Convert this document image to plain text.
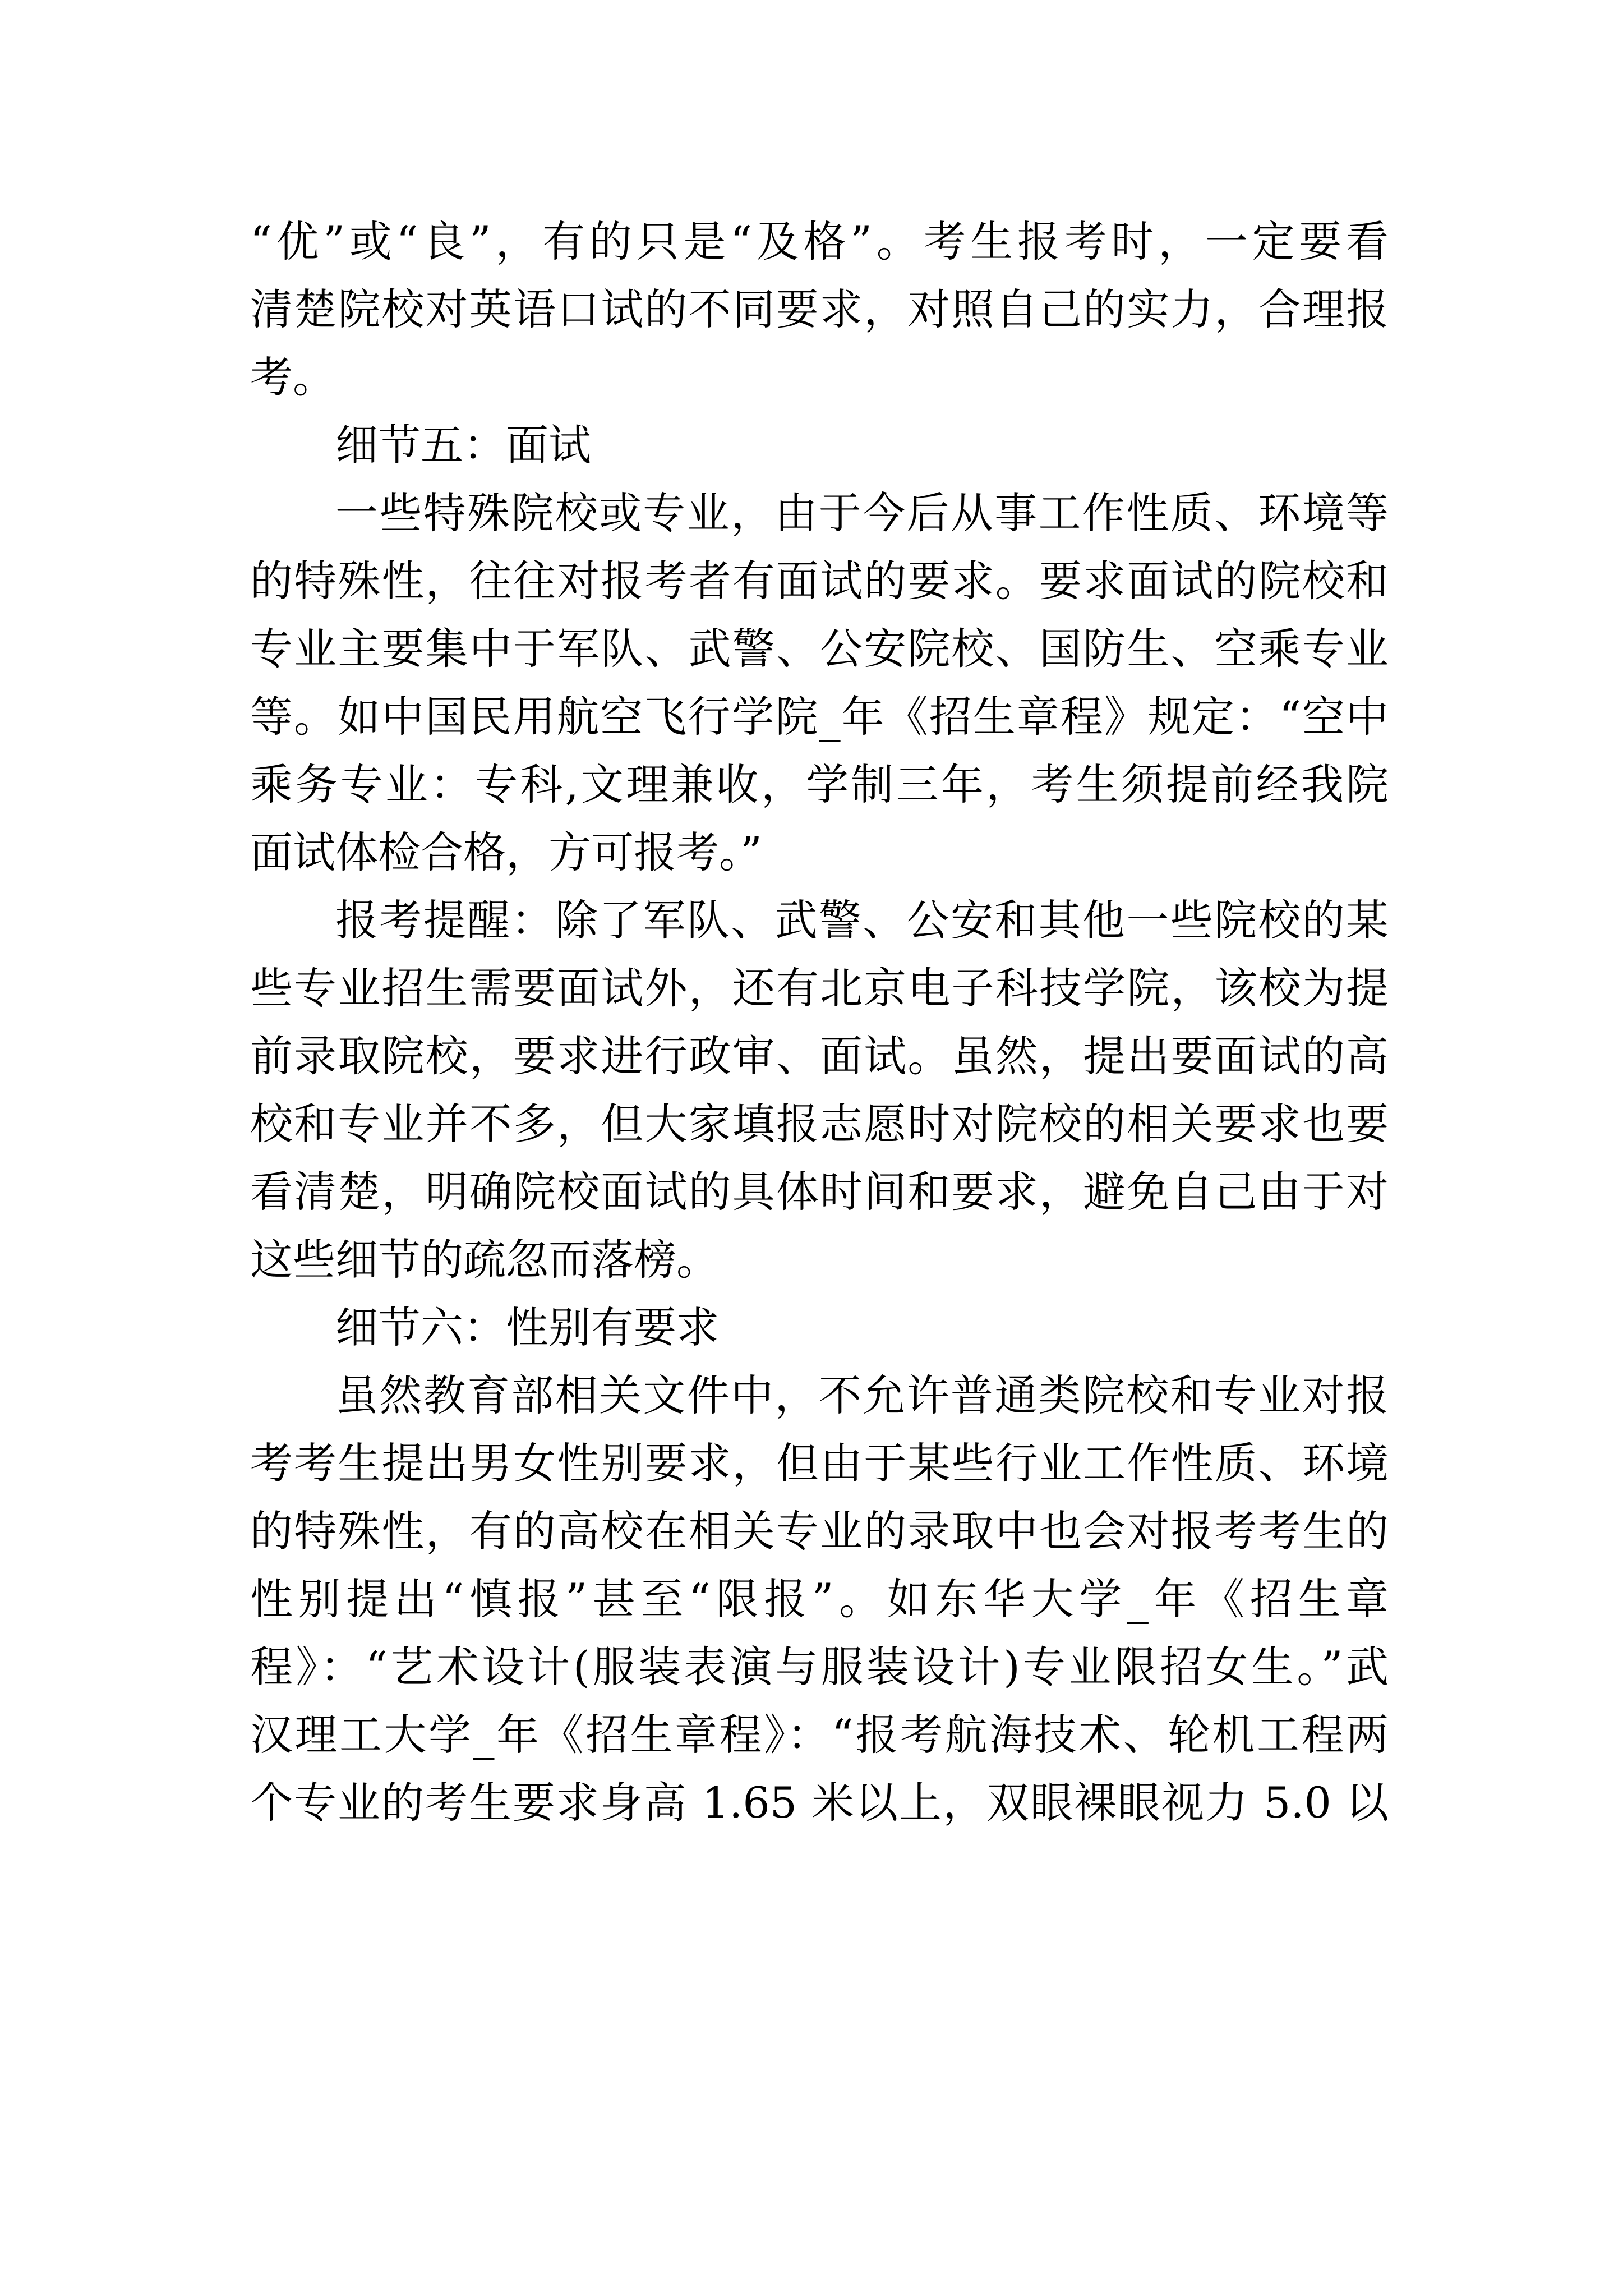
“优”或“良”，有的只是“及格”。考生报考时，一定要看
清楚院校对英语口试的不同要求，对照自己的实力，合理报
考。
细节五：面试
一些特殊院校或专业，由于今后从事工作性质、环境等
的特殊性，往往对报考者有面试的要求。要求面试的院校和
专业主要集中于军队、武警、公安院校、国防生、空乘专业
等。如中国民用航空飞行学院_年《招生章程》规定：“空中
乘务专业：专科,文理兼收，学制三年，考生须提前经我院
面试体检合格，方可报考。”
报考提醒：除了军队、武警、公安和其他一些院校的某
些专业招生需要面试外，还有北京电子科技学院，该校为提
前录取院校，要求进行政审、面试。虽然，提出要面试的高
校和专业并不多，但大家填报志愿时对院校的相关要求也要
看清楚，明确院校面试的具体时间和要求，避免自己由于对
这些细节的疏忽而落榜。
细节六：性别有要求
虽然教育部相关文件中，不允许普通类院校和专业对报
考考生提出男女性别要求，但由于某些行业工作性质、环境
的特殊性，有的高校在相关专业的录取中也会对报考考生的
性别提出“慎报”甚至“限报”。如东华大学_年《招生章
程》：“艺术设计(服装表演与服装设计)专业限招女生。”武
汉理工大学_年《招生章程》：“报考航海技术、轮机工程两
个专业的考生要求身高 1.65 米以上，双眼裸眼视力 5.0 以
